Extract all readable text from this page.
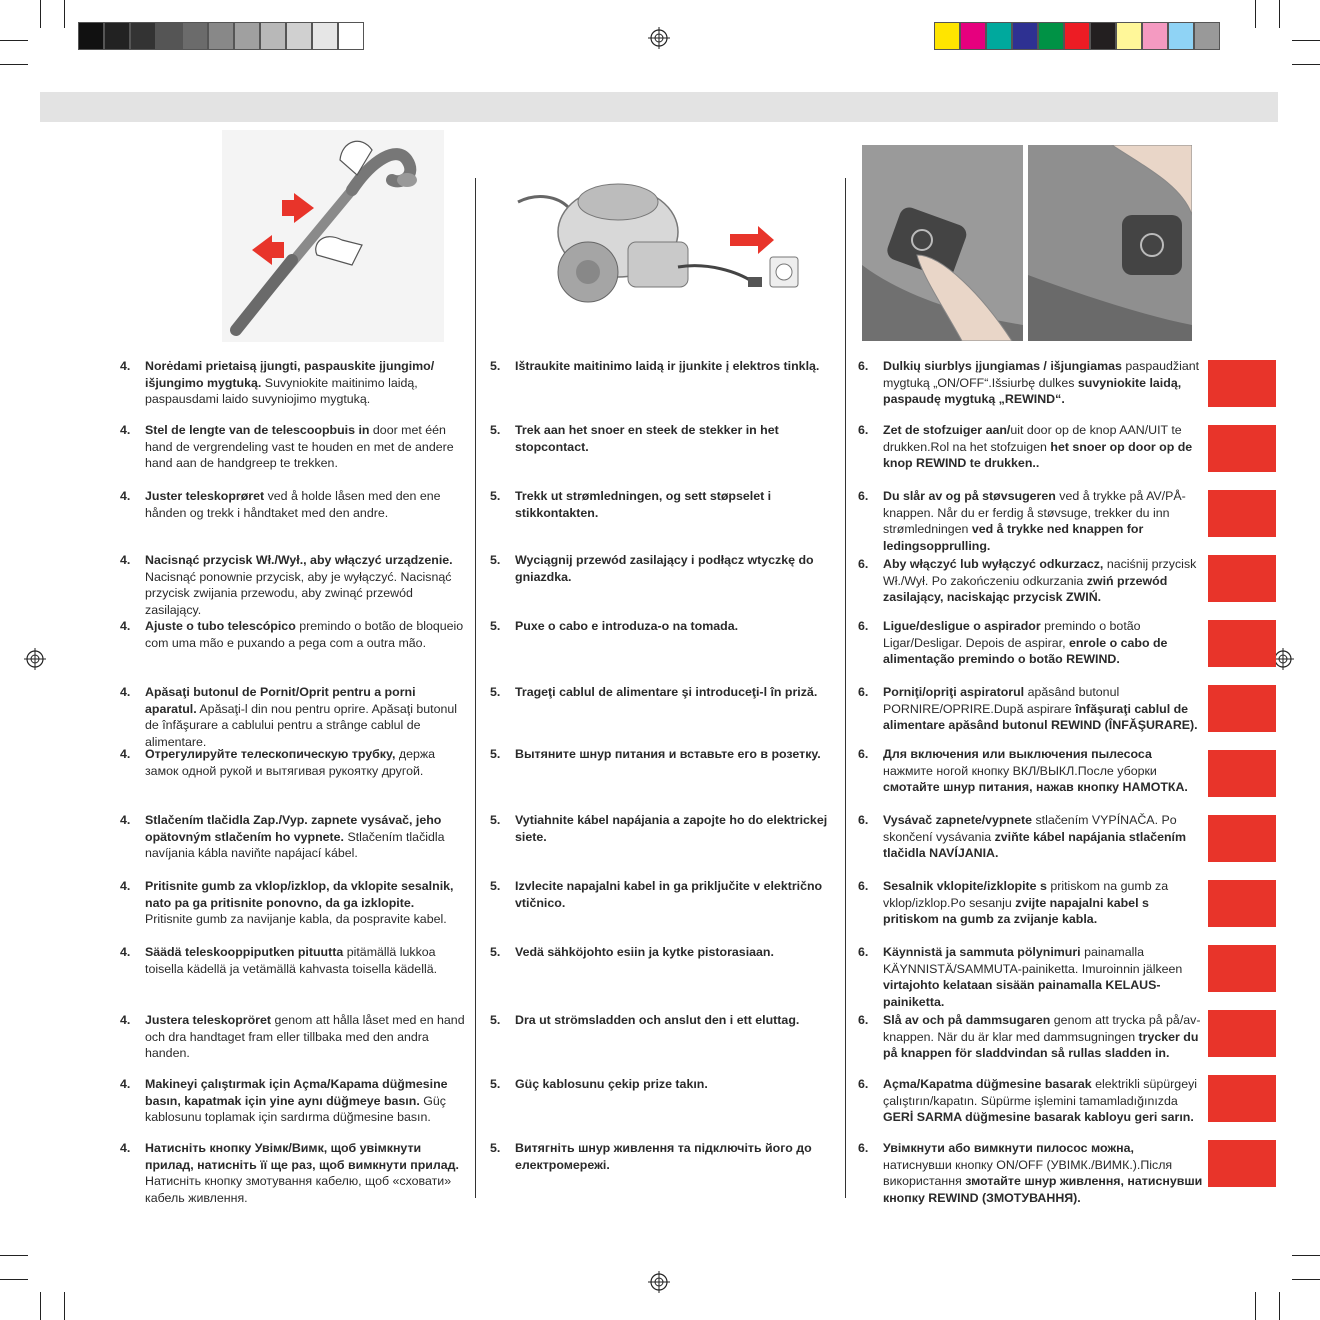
4. Norėdami prietaisą įjungti, paspauskite įjungimo/ išjungimo mygtuką. Suvyniokite maitinimo laidą, paspausdami laido suvyniojimo mygtuką.
4. Stel de lengte van de telescoopbuis in door met één hand de vergrendeling vast te houden en met de andere hand aan de handgreep te trekken.
4. Juster teleskoprøret ved å holde låsen med den ene hånden og trekk i håndtaket med den andre.
4. Nacisnąć przycisk Wł./Wył., aby włączyć urządzenie. Nacisnąć ponownie przycisk, aby je wyłączyć. Nacisnąć przycisk zwijania przewodu, aby zwinąć przewód zasilający.
4. Ajuste o tubo telescópico premindo o botão de bloqueio com uma mão e puxando a pega com a outra mão.
4. Apăsaţi butonul de Pornit/Oprit pentru a porni aparatul. Apăsaţi-l din nou pentru oprire. Apăsaţi butonul de înfăşurare a cablului pentru a strânge cablul de alimentare.
4. Отрегулируйте телескопическую трубку, держа замок одной рукой и вытягивая рукоятку другой.
4. Stlačením tlačidla Zap./Vyp. zapnete vysávač, jeho opätovným stlačením ho vypnete. Stlačením tlačidla navíjania kábla naviňte napájací kábel.
4. Pritisnite gumb za vklop/izklop, da vklopite sesalnik, nato pa ga pritisnite ponovno, da ga izklopite. Pritisnite gumb za navijanje kabla, da pospravite kabel.
4. Säädä teleskooppiputken pituutta pitämällä lukkoa toisella kädellä ja vetämällä kahvasta toisella kädellä.
4. Justera teleskopröret genom att hålla låset med en hand och dra handtaget fram eller tillbaka med den andra handen.
4. Makineyi çalıştırmak için Açma/Kapama düğmesine basın, kapatmak için yine aynı düğmeye basın. Güç kablosunu toplamak için sardırma düğmesine basın.
4. Натисніть кнопку Увімк/Вимк, щоб увімкнути прилад, натисніть її ще раз, щоб вимкнути прилад. Натисніть кнопку змотування кабелю, щоб «сховати» кабель живлення.
5. Ištraukite maitinimo laidą ir įjunkite į elektros tinklą.
5. Trek aan het snoer en steek de stekker in het stopcontact.
5. Trekk ut strømledningen, og sett støpselet i stikkontakten.
5. Wyciągnij przewód zasilający i podłącz wtyczkę do gniazdka.
5. Puxe o cabo e introduza-o na tomada.
5. Trageţi cablul de alimentare şi introduceţi-l în priză.
5. Вытяните шнур питания и вставьте его в розетку.
5. Vytiahnite kábel napájania a zapojte ho do elektrickej siete.
5. Izvlecite napajalni kabel in ga priključite v električno vtičnico.
5. Vedä sähköjohto esiin ja kytke pistorasiaan.
5. Dra ut strömsladden och anslut den i ett eluttag.
5. Güç kablosunu çekip prize takın.
5. Витягніть шнур живлення та підключіть його до електромережі.
6. Dulkių siurblys įjungiamas / išjungiamas paspaudžiant mygtuką „ON/OFF“.Išsiurbę dulkes suvyniokite laidą, paspaudę mygtuką „REWIND“.
6. Zet de stofzuiger aan/uit door op de knop AAN/UIT te drukken.Rol na het stofzuigen het snoer op door op de knop REWIND te drukken..
6. Du slår av og på støvsugeren ved å trykke på AV/PÅ-knappen. Når du er ferdig å støvsuge, trekker du inn strømledningen ved å trykke ned knappen for ledingsopprulling.
6. Aby włączyć lub wyłączyć odkurzacz, naciśnij przycisk Wł./Wył. Po zakończeniu odkurzania zwiń przewód zasilający, naciskając przycisk ZWIŃ.
6. Ligue/desligue o aspirador premindo o botão Ligar/Desligar. Depois de aspirar, enrole o cabo de alimentação premindo o botão REWIND.
6. Porniţi/opriţi aspiratorul apăsând butonul PORNIRE/OPRIRE.După aspirare înfăşuraţi cablul de alimentare apăsând butonul REWIND (ÎNFĂŞURARE).
6. Для включения или выключения пылесоса нажмите ногой кнопку ВКЛ/ВЫКЛ.После уборки смотайте шнур питания, нажав кнопку НАМОТКА.
6. Vysávač zapnete/vypnete stlačením VYPÍNAČA. Po skončení vysávania zviňte kábel napájania stlačením tlačidla NAVÍJANIA.
6. Sesalnik vklopite/izklopite s pritiskom na gumb za vklop/izklop.Po sesanju zvijte napajalni kabel s pritiskom na gumb za zvijanje kabla.
6. Käynnistä ja sammuta pölynimuri painamalla KÄYNNISTÄ/SAMMUTA-painiketta. Imuroinnin jälkeen virtajohto kelataan sisään painamalla KELAUS-painiketta.
6. Slå av och på dammsugaren genom att trycka på på/av-knappen. När du är klar med dammsugningen trycker du på knappen för sladdvindan så rullas sladden in.
6. Açma/Kapatma düğmesine basarak elektrikli süpürgeyi çalıştırın/kapatın. Süpürme işlemini tamamladığınızda GERİ SARMA düğmesine basarak kabloyu geri sarın.
6. Увімкнути або вимкнути пилосос можна, натиснувши кнопку ON/OFF (УВІМК./ВИМК.).Після використання змотайте шнур живлення, натиснувши кнопку REWIND (ЗМОТУВАННЯ).
